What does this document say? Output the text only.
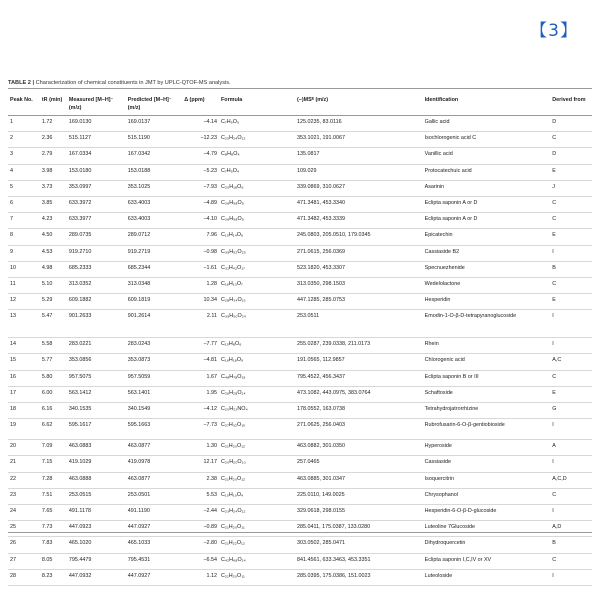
【3】
TABLE 2 | Characterization of chemical constituents in JMT by UPLC-QTOF-MS analysis.
Peak No.	tR (min)	Measured [M–H]⁻ (m/z)	Predicted [M–H]⁻ (m/z)	Δ (ppm)	Formula	(–)MSᴱ (m/z)	Identification	Derived from
1	1.72	169.0130	169.0137	−4.14	C₇H₅O₅	125.0235, 83.0116	Gallic acid	D
2	2.36	515.1127	515.1190	−12.23	C₂₅H₂₄O₁₂	353.1021, 191.0067	Isochlorogenic acid C	C
3	2.79	167.0334	167.0342	−4.79	C₈H₈O₄	135.0817	Vanillic acid	D
4	3.98	153.0180	153.0188	−5.23	C₇H₅O₄	109.029	Protocatechuic acid	E
5	3.73	353.0997	353.1025	−7.93	C₂₀H₁₈O₆	339.0869, 310.0627	Asarinin	J
6	3.85	633.3972	633.4003	−4.89	C₃₆H₅₈O₉	471.3481, 453.3340	Eclipta saponin A or D	C
7	4.23	633.3977	633.4003	−4.10	C₃₆H₅₈O₉	471.3482, 453.3339	Eclipta saponin A or D	C
8	4.50	289.0735	289.0712	7.96	C₁₅H₁₄O₆	245.0803, 205.0510, 179.0345	Epicatechin	E
9	4.53	919.2710	919.2719	−0.98	C₃₉H₅₂O₂₅	271.0615, 256.0369	Cassiaside B2	I
10	4.98	685.2333	685.2344	−1.61	C₃₁H₄₂O₁₇	523.1820, 453.3307	Specnuezhenide	B
11	5.10	313.0352	313.0348	1.28	C₁₆H₁₀O₇	313.0350, 298.1503	Wedelolactone	C
12	5.29	609.1882	609.1819	10.34	C₂₈H₃₄O₁₅	447.1285, 285.0753	Hesperidin	E
13	5.47	901.2633	901.2614	2.11	C₃₉H₅₀O₂₄	253.0511	Emodin-1-O-β-D-tetrapyranoglucoside	I
14	5.58	283.0221	283.0243	−7.77	C₁₅H₈O₆	255.0287, 239.0338, 211.0173	Rhein	I
15	5.77	353.0856	353.0873	−4.81	C₁₆H₁₈O₉	191.0565, 112.9857	Chlorogenic acid	A,C
16	5.80	957.5075	957.5059	1.67	C₄₈H₇₈O₁₉	795.4522, 456.3437	Eclipta saponin B or III	C
17	6.00	563.1412	563.1401	1.95	C₂₆H₂₈O₁₄	473.1082, 443.0975, 383.0764	Schaftoside	E
18	6.16	340.1535	340.1549	−4.12	C₂₀H₂₃NO₄	178.0552, 163.0738	Tetrahydrojatrorrhizine	G
19	6.62	595.1617	595.1663	−7.73	C₂₇H₃₂O₁₅	271.0625, 256.0403	Rubrofusarin-6-O-β-gentiobioside	I
20	7.09	463.0883	463.0877	1.30	C₂₁H₂₀O₁₂	463.0882, 301.0350	Hyperoside	A
21	7.15	419.1029	419.0978	12.17	C₂₀H₂₀O₁₀	257.0465	Cassiaside	I
22	7.28	463.0888	463.0877	2.38	C₂₁H₂₀O₁₂	463.0885, 301.0347	Isoquercitrin	A,C,D
23	7.51	253.0515	253.0501	5.53	C₁₅H₁₀O₄	225.0110, 149.0025	Chrysophanol	C
24	7.65	491.1178	491.1190	−2.44	C₂₃H₂₄O₁₂	329.0618, 298.0155	Hesperidin-6-O-β-D-glucoside	I
25	7.73	447.0923	447.0927	−0.89	C₂₁H₂₀O₁₁	285.0411, 175.0387, 133.0280	Luteoline 7Glucoside	A,D
26	7.83	465.1020	465.1033	−2.80	C₂₁H₂₂O₁₂	303.0502, 285.0471	Dihydroquercetin	B
27	8.05	795.4479	795.4531	−6.54	C₄₂H₆₈O₁₄	841.4561, 633.3463, 453.3351	Eclipta saponin I,C,IV or XV	C
28	8.23	447.0932	447.0927	1.12	C₂₁H₂₀O₁₁	285.0395, 175.0386, 151.0023	Luteoloside	I
